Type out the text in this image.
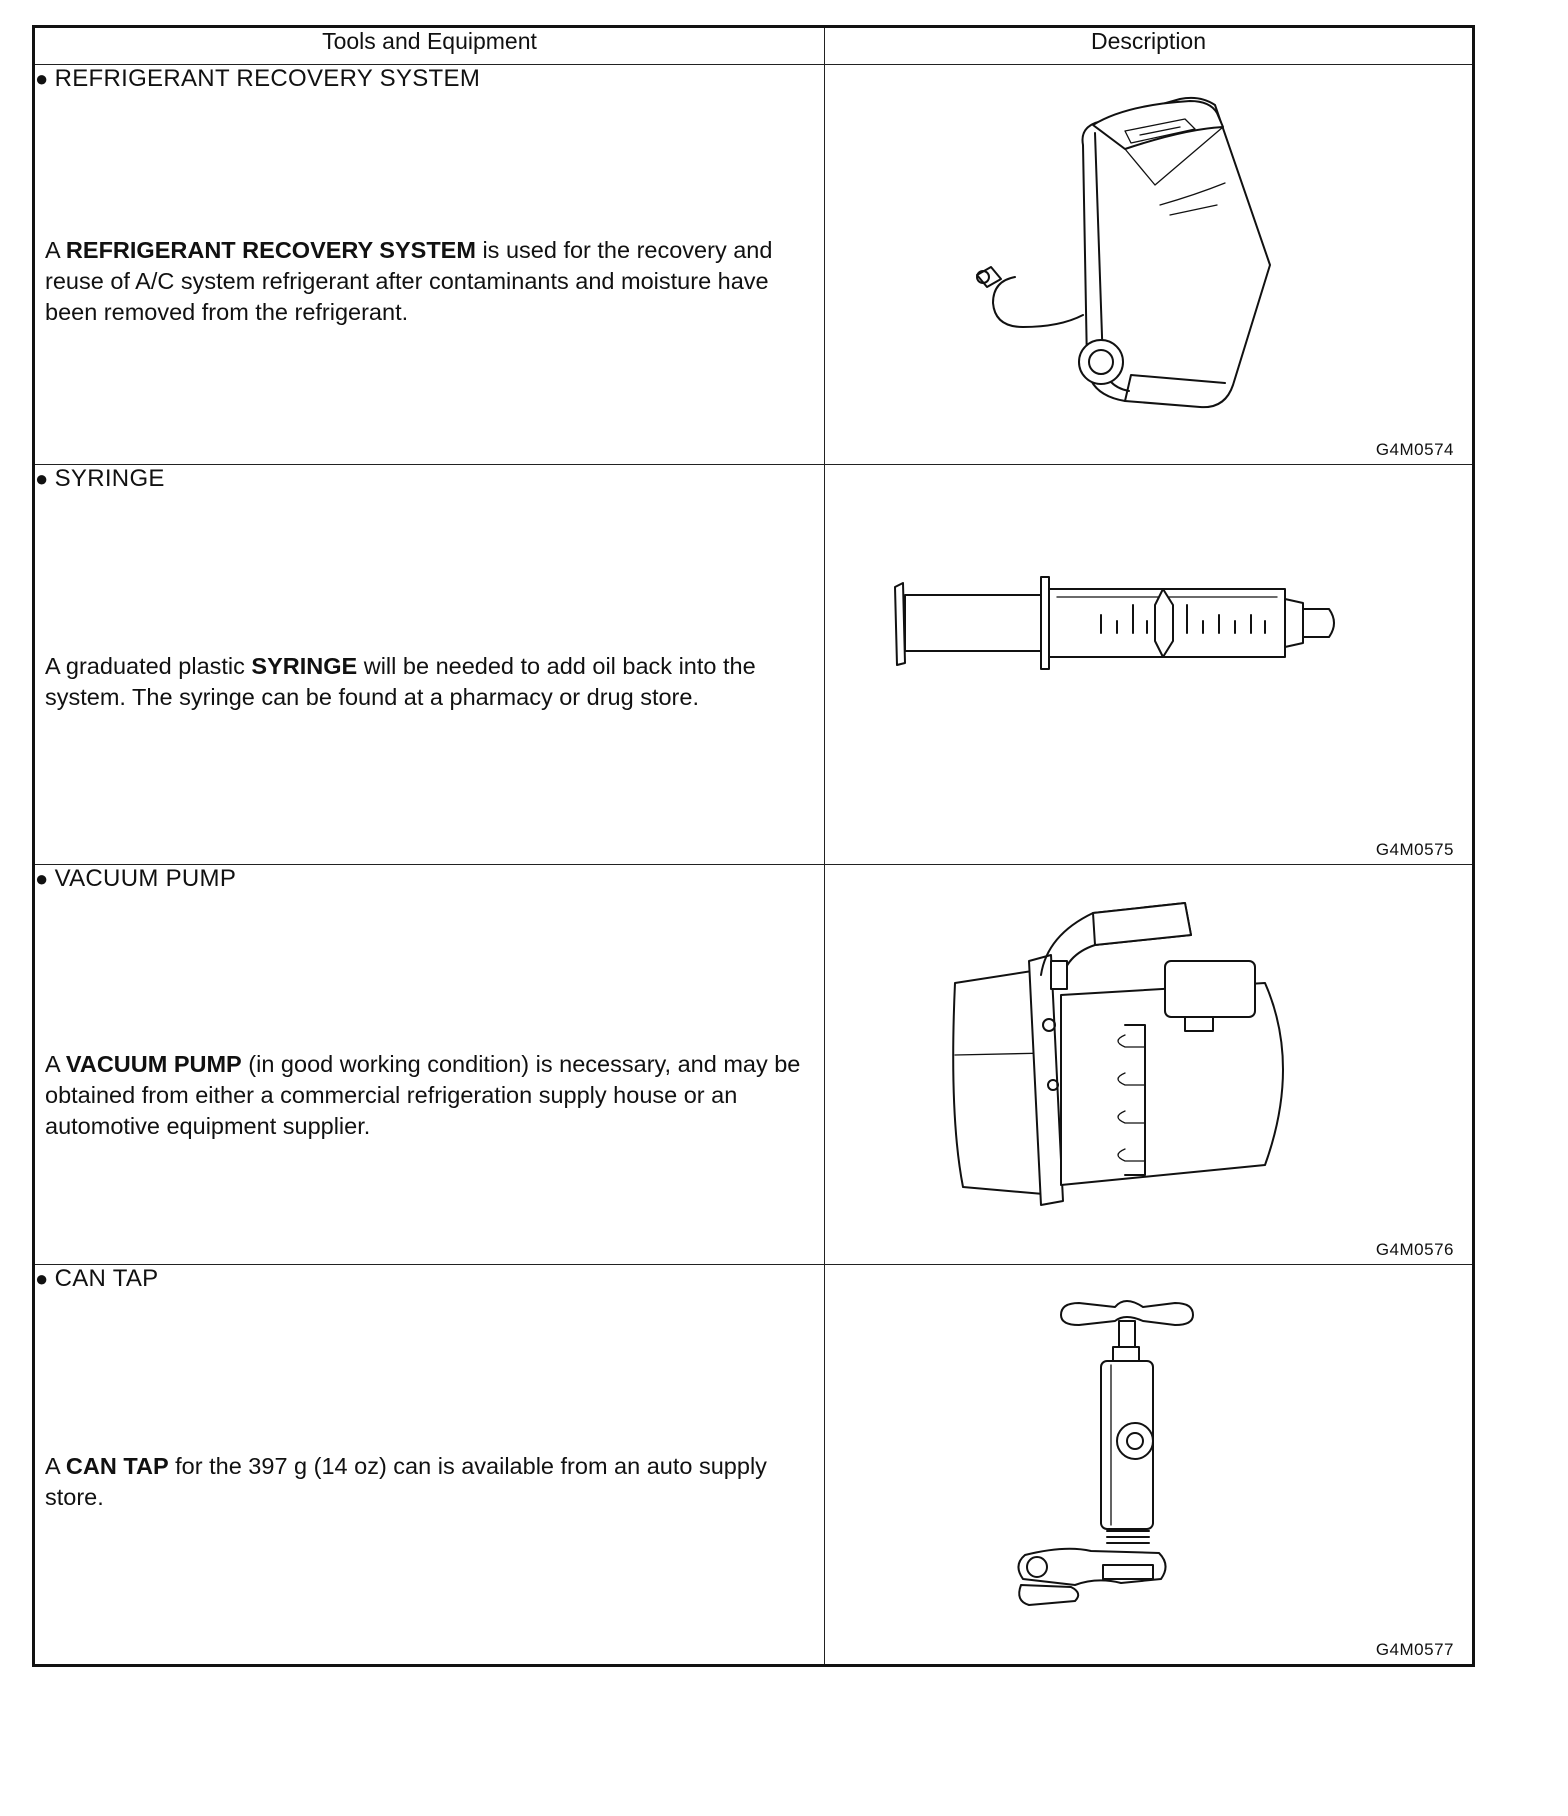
Tools and Equipment	Description

● REFRIGERANT RECOVERY SYSTEM
A REFRIGERANT RECOVERY SYSTEM is used for the recovery and reuse of A/C system refrigerant after contaminants and moisture have been removed from the refrigerant.	G4M0574

● SYRINGE
A graduated plastic SYRINGE will be needed to add oil back into the system. The syringe can be found at a pharmacy or drug store.	G4M0575

● VACUUM PUMP
A VACUUM PUMP (in good working condition) is necessary, and may be obtained from either a commercial refrigeration supply house or an automotive equipment supplier.	G4M0576

● CAN TAP
A CAN TAP for the 397 g (14 oz) can is available from an auto supply store.	G4M0577
